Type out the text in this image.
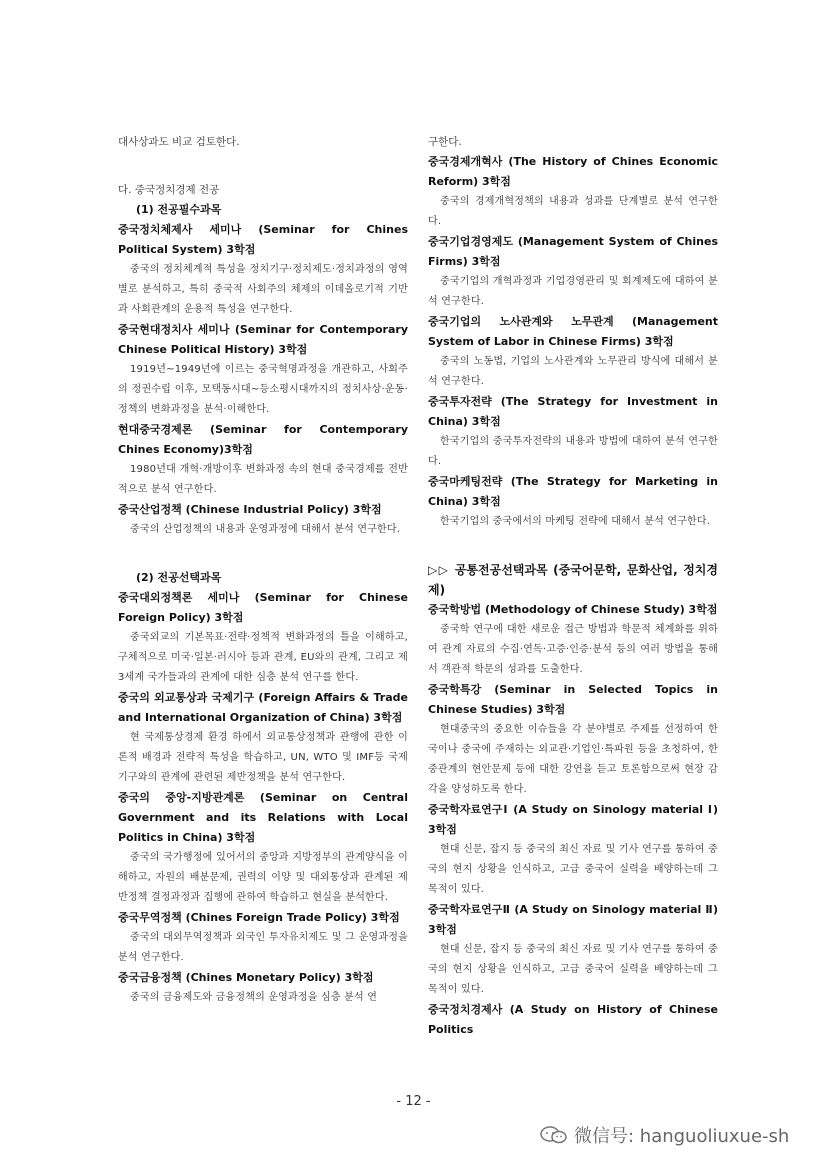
대사상과도 비교 검토한다.
다. 중국정치경제 전공
(1) 전공필수과목
중국정치체제사 세미나 (Seminar for Chines Political System) 3학점
중국의 정치체계적 특성을 정치기구·정치제도·정치과정의 영역별로 분석하고, 특히 중국적 사회주의 체제의 이데올로기적 기반과 사회관계의 운용적 특성을 연구한다.
중국현대정치사 세미나 (Seminar for Contemporary Chinese Political History) 3학점
1919년~1949년에 이르는 중국혁명과정을 개관하고, 사회주의 정권수립 이후, 모택동시대~등소평시대까지의 정치사상·운동·정책의 변화과정을 분석·이해한다.
현대중국경제론 (Seminar for Contemporary Chines Economy)3학점
1980년대 개혁·개방이후 변화과정 속의 현대 중국경제를 전반적으로 분석 연구한다.
중국산업정책 (Chinese Industrial Policy) 3학점
중국의 산업정책의 내용과 운영과정에 대해서 분석 연구한다.
(2) 전공선택과목
중국대외정책론 세미나 (Seminar for Chinese Foreign Policy) 3학점
중국외교의 기본목표·전략·정책적 변화과정의 틀을 이해하고, 구체적으로 미국·일본·러시아 등과 관계, EU와의 관계, 그리고 제3세계 국가들과의 관계에 대한 심층 분석 연구를 한다.
중국의 외교통상과 국제기구 (Foreign Affairs & Trade and International Organization of China) 3학점
현 국제통상경제 환경 하에서 외교통상정책과 관행에 관한 이론적 배경과 전략적 특성을 학습하고, UN, WTO 및 IMF등 국제기구와의 관계에 관련된 제반정책을 분석 연구한다.
중국의 중앙-지방관계론 (Seminar on Central Government and its Relations with Local Politics in China) 3학점
중국의 국가행정에 있어서의 중앙과 지방정부의 관계양식을 이해하고, 자원의 배분문제, 권력의 이양 및 대외통상과 관계된 제반정책 결정과정과 집행에 관하여 학습하고 현실을 분석한다.
중국무역정책 (Chines Foreign Trade Policy) 3학점
중국의 대외무역정책과 외국인 투자유치제도 및 그 운영과정을 분석 연구한다.
중국금융정책 (Chines Monetary Policy) 3학점
중국의 금융제도와 금융정책의 운영과정을 심층 분석 연
구한다.
중국경제개혁사 (The History of Chines Economic Reform) 3학점
중국의 경제개혁정책의 내용과 성과를 단계별로 분석 연구한다.
중국기업경영제도 (Management System of Chines Firms) 3학점
중국기업의 개혁과정과 기업경영관리 및 회계제도에 대하여 분석 연구한다.
중국기업의 노사관계와 노무관계 (Management System of Labor in Chinese Firms) 3학점
중국의 노동법, 기업의 노사관계와 노무관리 방식에 대해서 분석 연구한다.
중국투자전략 (The Strategy for Investment in China) 3학점
한국기업의 중국투자전략의 내용과 방법에 대하여 분석 연구한다.
중국마케팅전략 (The Strategy for Marketing in China) 3학점
한국기업의 중국에서의 마케팅 전략에 대해서 분석 연구한다.
▷▷ 공통전공선택과목 (중국어문학, 문화산업, 정치경제)
중국학방법 (Methodology of Chinese Study) 3학점
중국학 연구에 대한 새로운 접근 방법과 학문적 체계화를 위하여 관계 자료의 수집·연독·고증·인증·분석 등의 여러 방법을 통해서 객관적 학문의 성과를 도출한다.
중국학특강 (Seminar in Selected Topics in Chinese Studies) 3학점
현대중국의 중요한 이슈들을 각 분야별로 주제를 선정하여 한국이나 중국에 주재하는 외교관·기업인·특파원 등을 초청하여, 한중관계의 현안문제 등에 대한 강연을 듣고 토론함으로써 현장 감각을 양성하도록 한다.
중국학자료연구Ⅰ (A Study on Sinology material Ⅰ) 3학점
현대 신문, 잡지 등 중국의 최신 자료 및 기사 연구를 통하여 중국의 현지 상황을 인식하고, 고급 중국어 실력을 배양하는데 그 목적이 있다.
중국학자료연구Ⅱ (A Study on Sinology material Ⅱ) 3학점
현대 신문, 잡지 등 중국의 최신 자료 및 기사 연구를 통하여 중국의 현지 상황을 인식하고, 고급 중국어 실력을 배양하는데 그 목적이 있다.
중국정치경제사 (A Study on History of Chinese Politics
- 12 -
微信号: hanguoliuxue-sh
